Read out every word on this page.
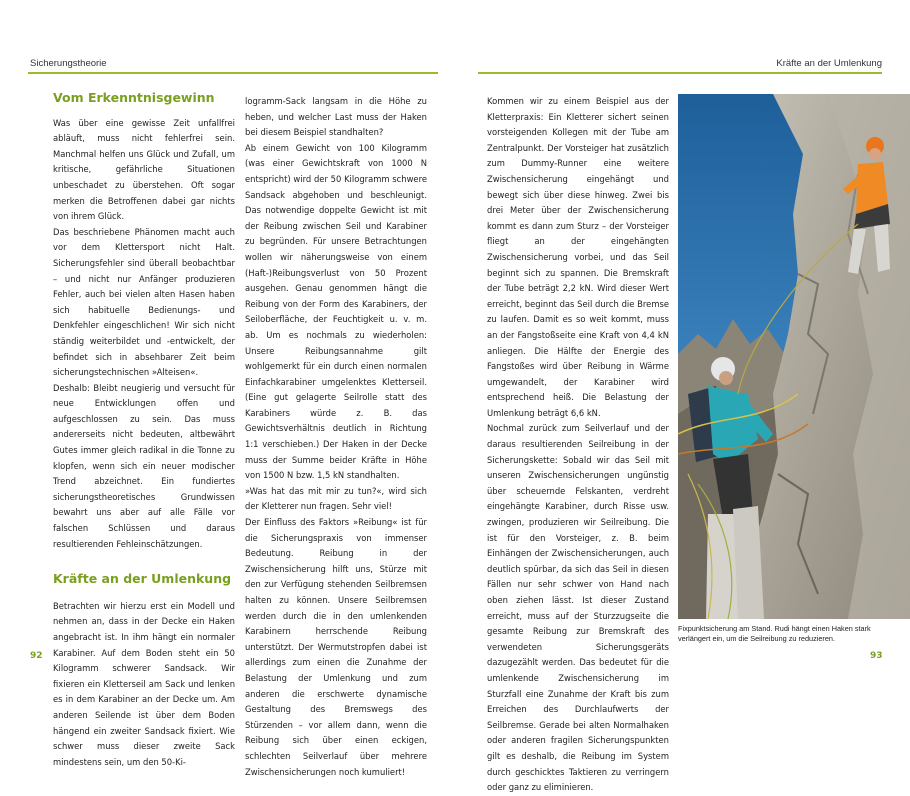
Sicherungstheorie	Kräfte an der Umlenkung
Vom Erkenntnisgewinn

Was über eine gewisse Zeit unfallfrei abläuft, muss nicht fehlerfrei sein. Manchmal helfen uns Glück und Zufall, um kritische, gefährliche Situationen unbeschadet zu überstehen. Oft sogar merken die Betroffenen dabei gar nichts von ihrem Glück.

Das beschriebene Phänomen macht auch vor dem Klettersport nicht Halt. Sicherungsfehler sind überall beobachtbar – und nicht nur Anfänger produzieren Fehler, auch bei vielen alten Hasen haben sich habituelle Bedienungs- und Denkfehler eingeschlichen! Wir sich nicht ständig weiterbildet und -entwickelt, der befindet sich in absehbarer Zeit beim sicherungstechnischen »Alteisen«.

Deshalb: Bleibt neugierig und versucht für neue Entwicklungen offen und aufgeschlossen zu sein. Das muss andererseits nicht bedeuten, altbewährt Gutes immer gleich radikal in die Tonne zu klopfen, wenn sich ein neuer modischer Trend abzeichnet. Ein fundiertes sicherungstheoretisches Grundwissen bewahrt uns aber auf alle Fälle vor falschen Schlüssen und daraus resultierenden Fehleinschätzungen.

Kräfte an der Umlenkung

Betrachten wir hierzu erst ein Modell und nehmen an, dass in der Decke ein Haken angebracht ist. In ihm hängt ein normaler Karabiner. Auf dem Boden steht ein 50 Kilogramm schwerer Sandsack. Wir fixieren ein Kletterseil am Sack und lenken es in dem Karabiner an der Decke um. Am anderen Seilende ist über dem Boden hängend ein zweiter Sandsack fixiert. Wie schwer muss dieser zweite Sack mindestens sein, um den 50-Ki-

logramm-Sack langsam in die Höhe zu heben, und welcher Last muss der Haken bei diesem Beispiel standhalten?

Ab einem Gewicht von 100 Kilogramm (was einer Gewichtskraft von 1000 N entspricht) wird der 50 Kilogramm schwere Sandsack abgehoben und beschleunigt. Das notwendige doppelte Gewicht ist mit der Reibung zwischen Seil und Karabiner zu begründen. Für unsere Betrachtungen wollen wir näherungsweise von einem (Haft-)Reibungsverlust von 50 Prozent ausgehen. Genau genommen hängt die Reibung von der Form des Karabiners, der Seiloberfläche, der Feuchtigkeit u. v. m. ab. Um es nochmals zu wiederholen: Unsere Reibungsannahme gilt wohlgemerkt für ein durch einen normalen Einfachkarabiner umgelenktes Kletterseil. (Eine gut gelagerte Seilrolle statt des Karabiners würde z. B. das Gewichtsverhältnis deutlich in Richtung 1:1 verschieben.) Der Haken in der Decke muss der Summe beider Kräfte in Höhe von 1500 N bzw. 1,5 kN standhalten.

»Was hat das mit mir zu tun?«, wird sich der Kletterer nun fragen. Sehr viel!

Der Einfluss des Faktors »Reibung« ist für die Sicherungspraxis von immenser Bedeutung. Reibung in der Zwischensicherung hilft uns, Stürze mit den zur Verfügung stehenden Seilbremsen halten zu können. Unsere Seilbremsen werden durch die in den umlenkenden Karabinern herrschende Reibung unterstützt. Der Wermutstropfen dabei ist allerdings zum einen die Zunahme der Belastung der Umlenkung und zum anderen die erschwerte dynamische Gestaltung des Bremswegs des Stürzenden – vor allem dann, wenn die Reibung sich über einen eckigen, schlechten Seilverlauf über mehrere Zwischensicherungen noch kumuliert!

Kommen wir zu einem Beispiel aus der Kletterpraxis: Ein Kletterer sichert seinen vorsteigenden Kollegen mit der Tube am Zentralpunkt. Der Vorsteiger hat zusätzlich zum Dummy-Runner eine weitere Zwischensicherung eingehängt und bewegt sich über diese hinweg. Zwei bis drei Meter über der Zwischensicherung kommt es dann zum Sturz – der Vorsteiger fliegt an der eingehängten Zwischensicherung vorbei, und das Seil beginnt sich zu spannen. Die Bremskraft der Tube beträgt 2,2 kN. Wird dieser Wert erreicht, beginnt das Seil durch die Bremse zu laufen. Damit es so weit kommt, muss an der Fangstoßseite eine Kraft von 4,4 kN anliegen. Die Hälfte der Energie des Fangstoßes wird über Reibung in Wärme umgewandelt, der Karabiner wird entsprechend heiß. Die Belastung der Umlenkung beträgt 6,6 kN.

Nochmal zurück zum Seilverlauf und der daraus resultierenden Seilreibung in der Sicherungskette: Sobald wir das Seil mit unseren Zwischensicherungen ungünstig über scheuernde Felskanten, verdreht eingehängte Karabiner, durch Risse usw. zwingen, produzieren wir Seilreibung. Die ist für den Vorsteiger, z. B. beim Einhängen der Zwischensicherungen, auch deutlich spürbar, da sich das Seil in diesen Fällen nur sehr schwer von Hand nach oben ziehen lässt. Ist dieser Zustand erreicht, muss auf der Sturzzugseite die gesamte Reibung zur Bremskraft des verwendeten Sicherungsgeräts dazugezählt werden. Das bedeutet für die umlenkende Zwischensicherung im Sturzfall eine Zunahme der Kraft bis zum Erreichen des Durchlaufwerts der Seilbremse. Gerade bei alten Normalhaken oder anderen fragilen Sicherungspunkten gilt es deshalb, die Reibung im System durch geschicktes Taktieren zu verringern oder ganz zu eliminieren.

Fixpunktsicherung am Stand. Rudi hängt einen Haken stark verlängert ein, um die Seilreibung zu reduzieren.
92	93
